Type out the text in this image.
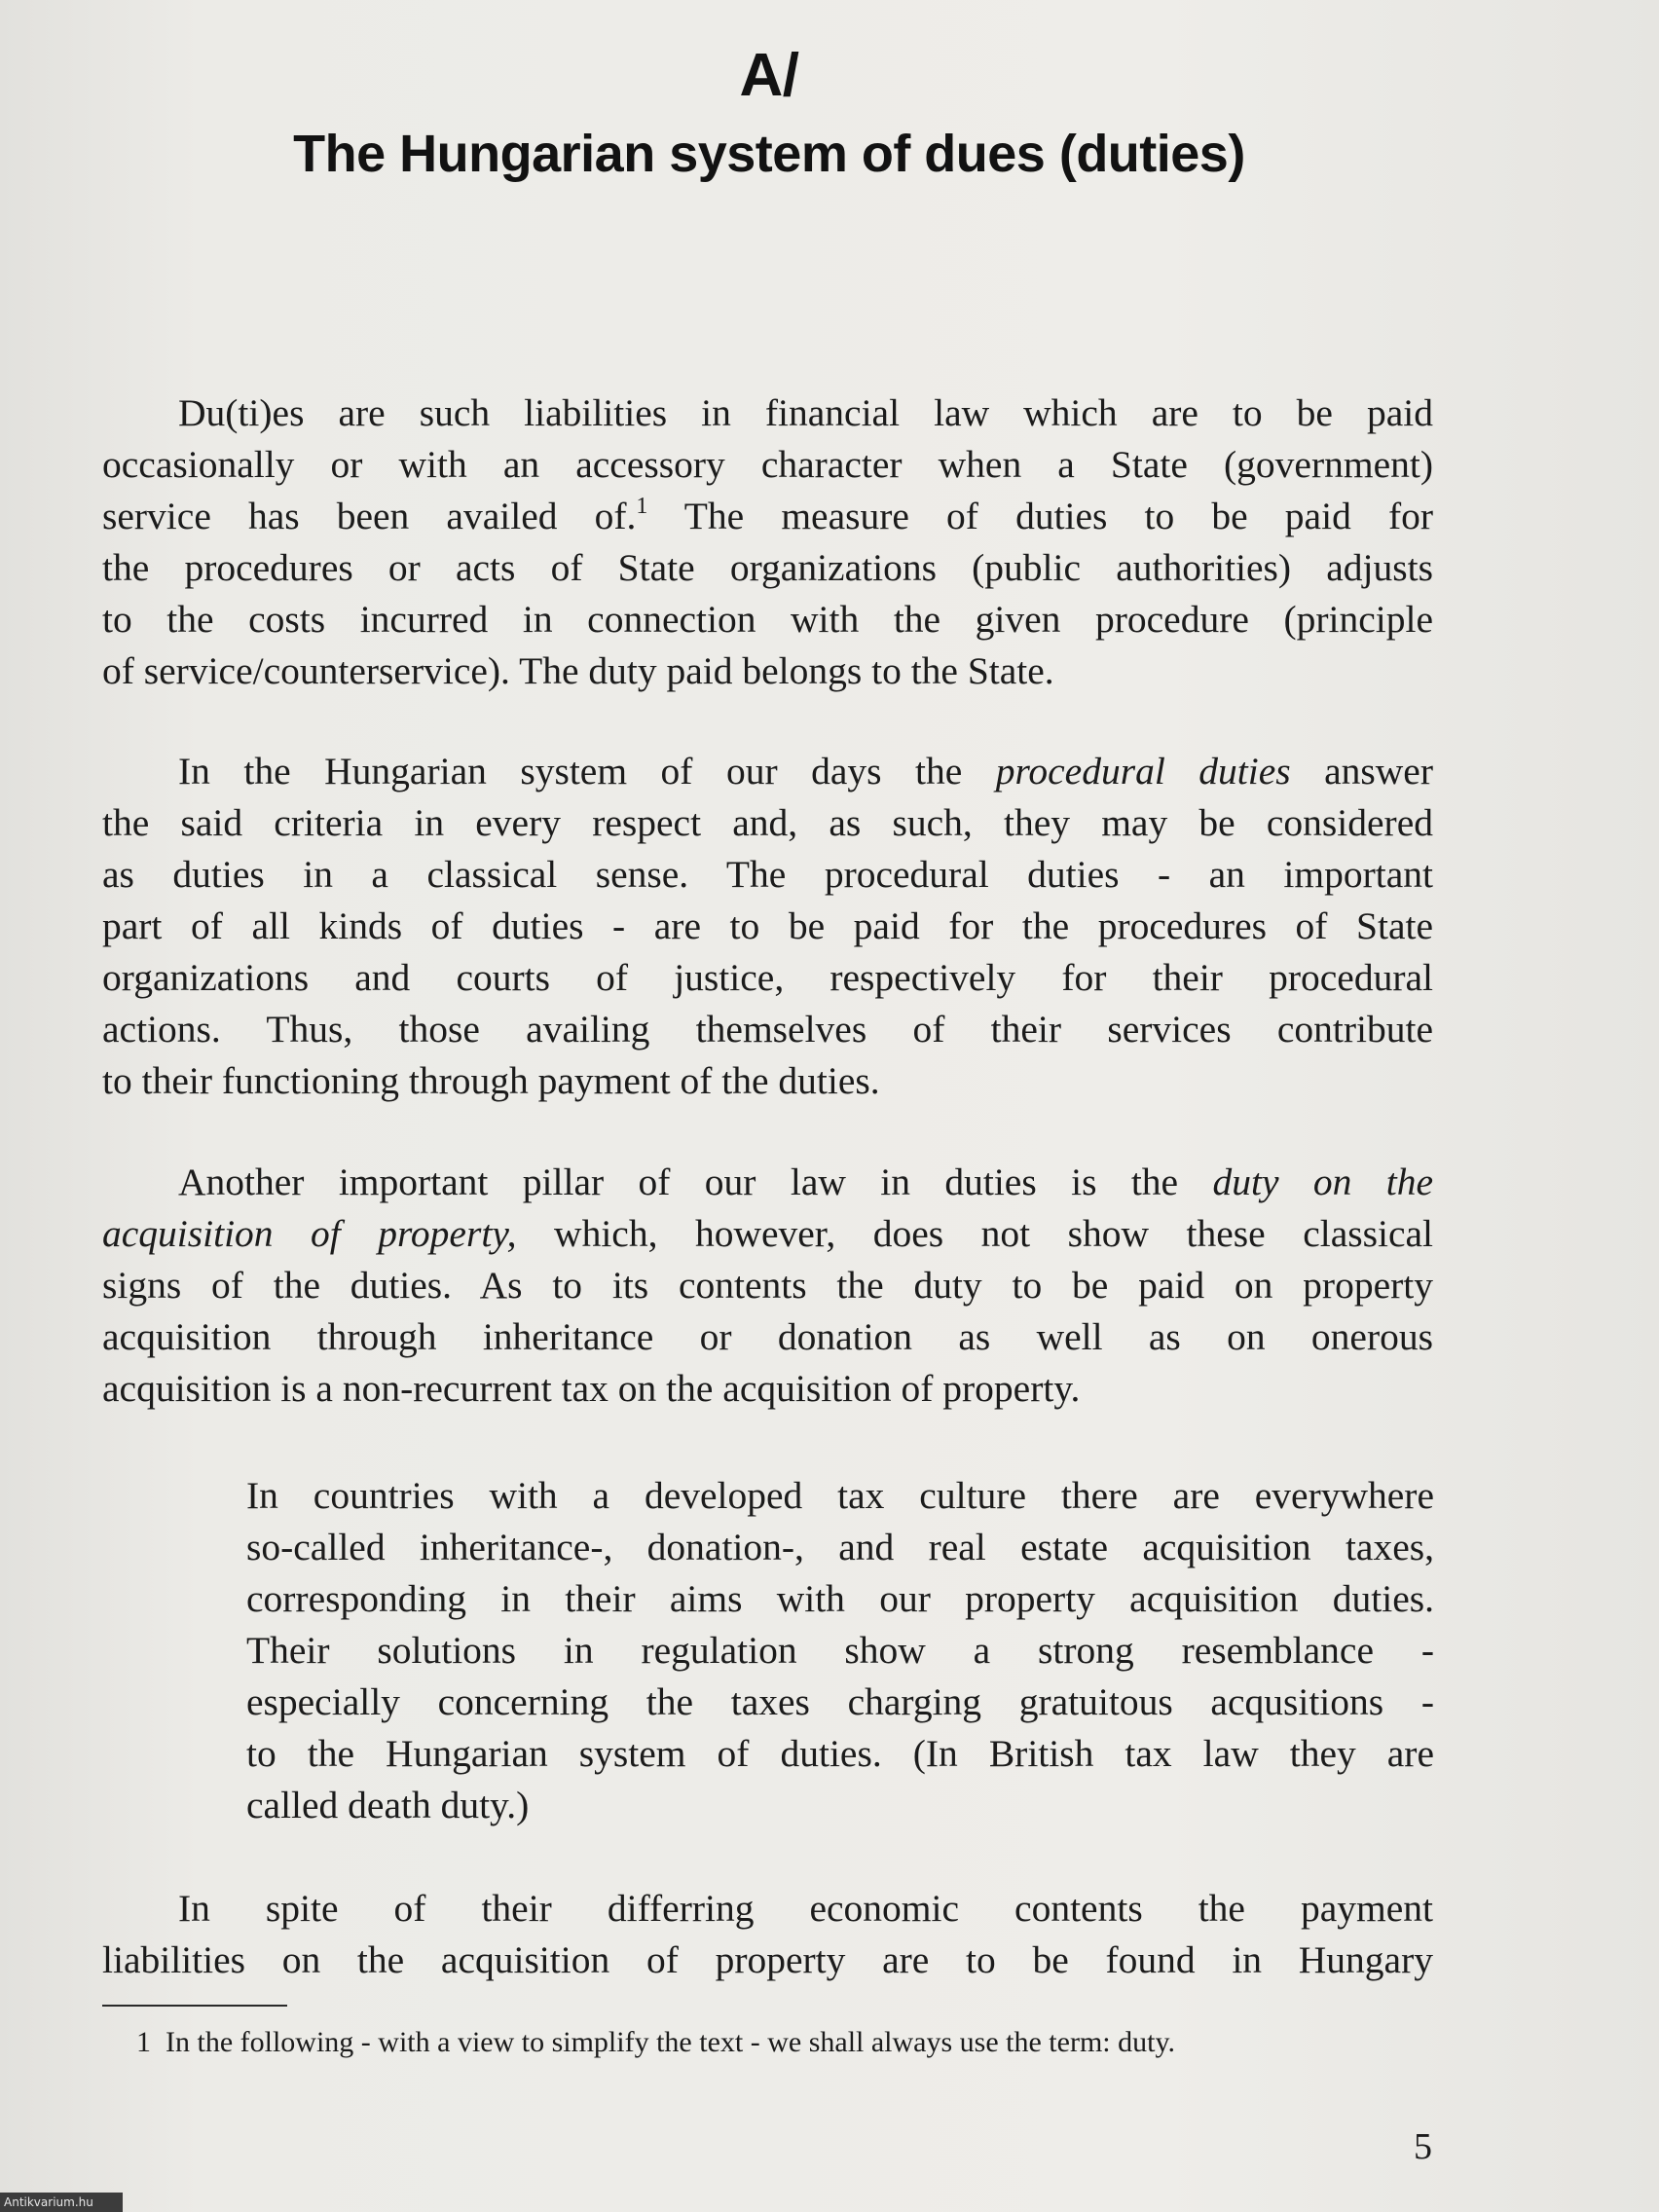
A/
The Hungarian system of dues (duties)
Du(ti)es are such liabilities in financial law which are to be paid
occasionally or with an accessory character when a State (government)
service has been availed of.$^1$ The measure of duties to be paid for
the procedures or acts of State organizations (public authorities) adjusts
to the costs incurred in connection with the given procedure (principle
of service/counterservice). The duty paid belongs to the State.
In the Hungarian system of our days the procedural duties answer
the said criteria in every respect and, as such, they may be considered
as duties in a classical sense. The procedural duties - an important
part of all kinds of duties - are to be paid for the procedures of State
organizations and courts of justice, respectively for their procedural
actions. Thus, those availing themselves of their services contribute
to their functioning through payment of the duties.
Another important pillar of our law in duties is the duty on the
acquisition of property, which, however, does not show these classical
signs of the duties. As to its contents the duty to be paid on property
acquisition through inheritance or donation as well as on onerous
acquisition is a non-recurrent tax on the acquisition of property.
In countries with a developed tax culture there are everywhere
so-called inheritance-, donation-, and real estate acquisition taxes,
corresponding in their aims with our property acquisition duties.
Their solutions in regulation show a strong resemblance -
especially concerning the taxes charging gratuitous acqusitions -
to the Hungarian system of duties. (In British tax law they are
called death duty.)
In spite of their differring economic contents the payment
liabilities on the acquisition of property are to be found in Hungary
1 In the following - with a view to simplify the text - we shall always use the term: duty.
5
Antikvarium.hu
